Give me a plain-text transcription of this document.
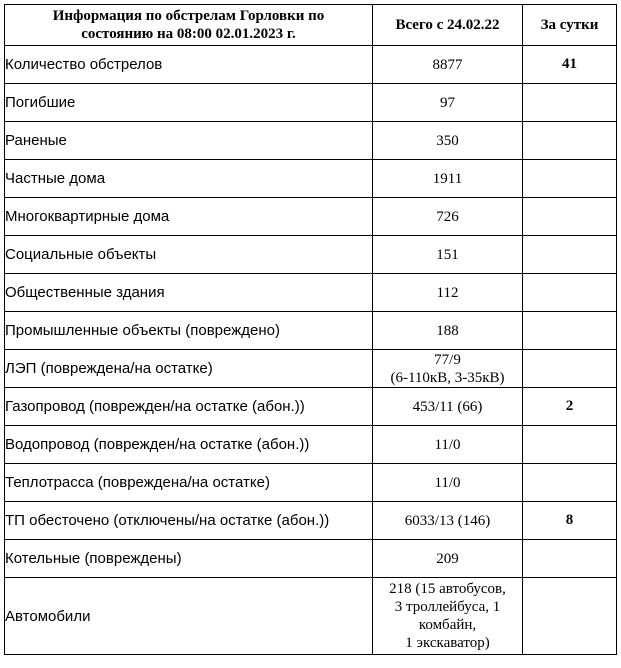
Информация по обстрелам Горловки по
состоянию на 08:00 02.01.2023 г.	Всего с 24.02.22	За сутки
Количество обстрелов	8877	41
Погибшие	97	
Раненые	350	
Частные дома	1911	
Многоквартирные дома	726	
Социальные объекты	151	
Общественные здания	112	
Промышленные объекты (повреждено)	188	
ЛЭП (повреждена/на остатке)	77/9
(6-110кВ, 3-35кВ)	

Газопровод (поврежден/на остатке (абон.))	453/11 (66)	2
Водопровод (поврежден/на остатке (абон.))	11/0	
Теплотрасса (повреждена/на остатке)	11/0	
ТП обесточено (отключены/на остатке (абон.))	6033/13 (146)	8
Котельные (повреждены)	209	
Автомобили	218 (15 автобусов,
3 троллейбуса, 1
комбайн,
1 экскаватор)	
